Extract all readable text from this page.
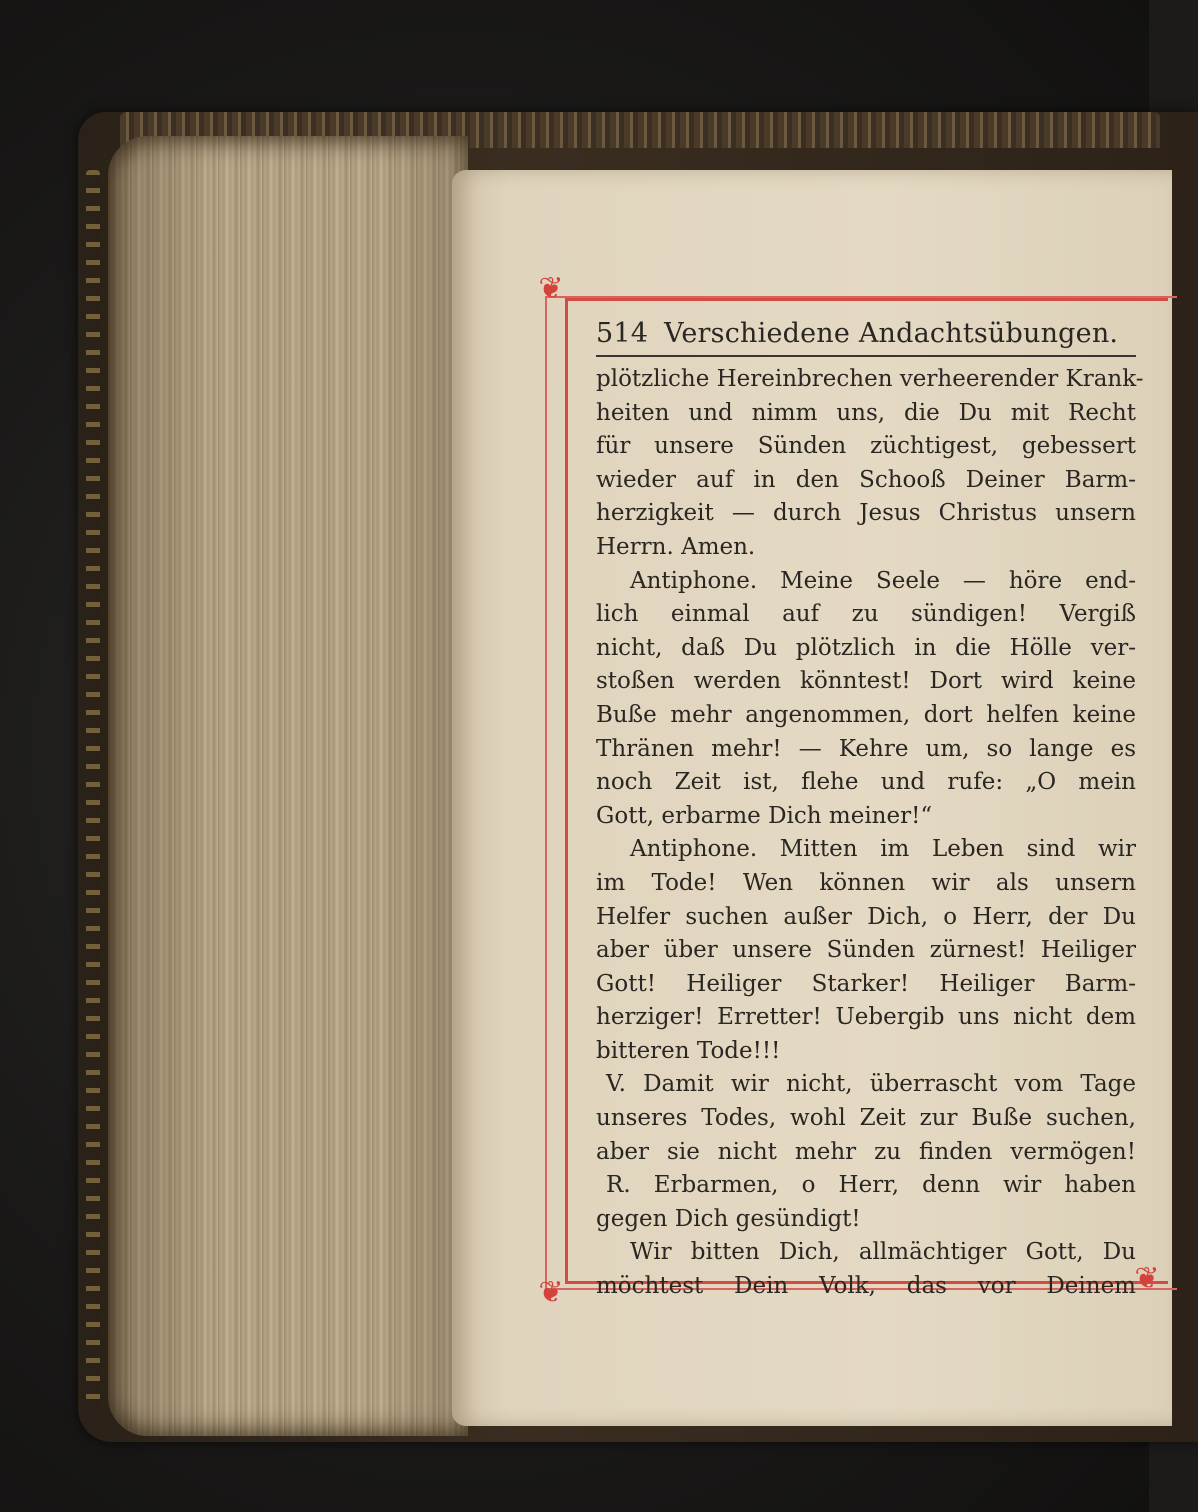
❦
❦	❦
514 Verschiedene Andachtsübungen.
plötzliche Hereinbrechen verheerender Krank-
heiten und nimm uns, die Du mit Recht
für unsere Sünden züchtigest, gebessert
wieder auf in den Schooß Deiner Barm-
herzigkeit — durch Jesus Christus unsern
Herrn. Amen.
Antiphone. Meine Seele — höre end-
lich einmal auf zu sündigen! Vergiß
nicht, daß Du plötzlich in die Hölle ver-
stoßen werden könntest! Dort wird keine
Buße mehr angenommen, dort helfen keine
Thränen mehr! — Kehre um, so lange es
noch Zeit ist, flehe und rufe: „O mein
Gott, erbarme Dich meiner!“
Antiphone. Mitten im Leben sind wir
im Tode! Wen können wir als unsern
Helfer suchen außer Dich, o Herr, der Du
aber über unsere Sünden zürnest! Heiliger
Gott! Heiliger Starker! Heiliger Barm-
herziger! Erretter! Uebergib uns nicht dem
bitteren Tode!!!
V. Damit wir nicht, überrascht vom Tage
unseres Todes, wohl Zeit zur Buße suchen,
aber sie nicht mehr zu finden vermögen!
R. Erbarmen, o Herr, denn wir haben
gegen Dich gesündigt!
Wir bitten Dich, allmächtiger Gott, Du
möchtest Dein Volk, das vor Deinem
